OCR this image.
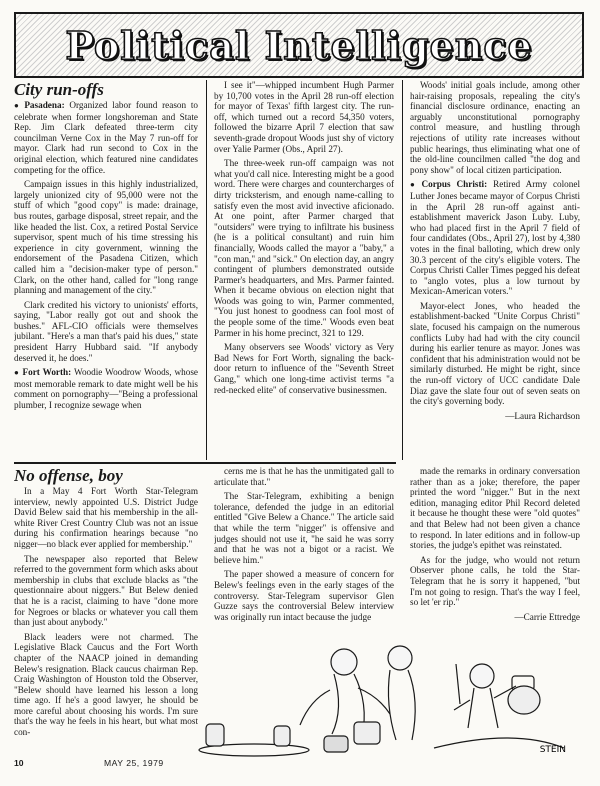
Political Intelligence
City run-offs

● Pasadena: Organized labor found reason to celebrate when former longshoreman and State Rep. Jim Clark defeated three-term city councilman Verne Cox in the May 7 run-off for mayor. Clark had run second to Cox in the original election, which featured nine candidates competing for the office.

Campaign issues in this highly industrialized, largely unionized city of 95,000 were not the stuff of which "good copy" is made: drainage, bus routes, garbage disposal, street repair, and the like headed the list. Cox, a retired Postal Service supervisor, spent much of his time stressing his experience in city government, winning the endorsement of the Pasadena Citizen, which called him a "decision-maker type of person." Clark, on the other hand, called for "long range planning and management of the city."

Clark credited his victory to unionists' efforts, saying, "Labor really got out and shook the bushes." AFL-CIO officials were themselves jubilant. "Here's a man that's paid his dues," state president Harry Hubbard said. "If anybody deserved it, he does."

● Fort Worth: Woodie Woodrow Woods, whose most memorable remark to date might well be his comment on pornography—"Being a professional plumber, I recognize sewage when

I see it"—whipped incumbent Hugh Parmer by 10,700 votes in the April 28 run-off election for mayor of Texas' fifth largest city. The run-off, which turned out a record 54,350 voters, followed the bizarre April 7 election that saw seventh-grade dropout Woods just shy of victory over Yalie Parmer (Obs., April 27).

The three-week run-off campaign was not what you'd call nice. Interesting might be a good word. There were charges and countercharges of dirty tricksterism, and enough name-calling to satisfy even the most avid invective aficionado. At one point, after Parmer charged that "outsiders" were trying to infiltrate his business (he is a political consultant) and ruin him financially, Woods called the mayor a "baby," a "con man," and "sick." On election day, an angry contingent of plumbers demonstrated outside Parmer's headquarters, and Mrs. Parmer fainted. When it became obvious on election night that Woods was going to win, Parmer commented, "You just honest to goodness can fool most of the people some of the time." Woods even beat Parmer in his home precinct, 321 to 129.

Many observers see Woods' victory as Very Bad News for Fort Worth, signaling the back-door return to influence of the "Seventh Street Gang," which one long-time activist terms "a red-necked elite" of conservative businessmen.

Woods' initial goals include, among other hair-raising proposals, repealing the city's financial disclosure ordinance, enacting an arguably unconstitutional pornography control measure, and hustling through rejections of utility rate increases without public hearings, thus eliminating what one of the old-line councilmen called "the dog and pony show" of local citizen participation.

● Corpus Christi: Retired Army colonel Luther Jones became mayor of Corpus Christi in the April 28 run-off against anti-establishment maverick Jason Luby. Luby, who had placed first in the April 7 field of four candidates (Obs., April 27), lost by 4,380 votes in the final balloting, which drew only 30.3 percent of the city's eligible voters. The Corpus Christi Caller Times pegged his defeat to "anglo votes, plus a low turnout by Mexican-American voters."

Mayor-elect Jones, who headed the establishment-backed "Unite Corpus Christi" slate, focused his campaign on the numerous conflicts Luby had had with the city council during his earlier tenure as mayor. Jones was confident that his administration would not be similarly disturbed. He might be right, since the run-off victory of UCC candidate Dale Diaz gave the slate four out of seven seats on the city's governing body.

—Laura Richardson

No offense, boy

In a May 4 Fort Worth Star-Telegram interview, newly appointed U.S. District Judge David Belew said that his membership in the all-white River Crest Country Club was not an issue during his confirmation hearings because "no nigger—no black ever applied for membership."

The newspaper also reported that Belew referred to the government form which asks about membership in clubs that exclude blacks as "the questionnaire about niggers." But Belew denied that he is a racist, claiming to have "done more for Negroes or blacks or whatever you call them than just about anybody."

Black leaders were not charmed. The Legislative Black Caucus and the Fort Worth chapter of the NAACP joined in demanding Belew's resignation. Black caucus chairman Rep. Craig Washington of Houston told the Observer, "Belew should have learned his lesson a long time ago. If he's a good lawyer, he should be more careful about choosing his words. I'm sure that's the way he feels in his heart, but what most con-

cerns me is that he has the unmitigated gall to articulate that."

The Star-Telegram, exhibiting a benign tolerance, defended the judge in an editorial entitled "Give Belew a Chance." The article said that while the term "nigger" is offensive and judges should not use it, "he said he was sorry and that he was not a bigot or a racist. We believe him."

The paper showed a measure of concern for Belew's feelings even in the early stages of the controversy. Star-Telegram supervisor Glen Guzze says the controversial Belew interview was originally run intact because the judge

made the remarks in ordinary conversation rather than as a joke; therefore, the paper printed the word "nigger." But in the next edition, managing editor Phil Record deleted it because he thought these were "old quotes" and that Belew had not been given a chance to respond. In later editions and in follow-up stories, the judge's epithet was reinstated.

As for the judge, who would not return Observer phone calls, he told the Star-Telegram that he is sorry it happened, "but I'm not going to resign. That's the way I feel, so let 'er rip."

—Carrie Ettredge

STEIN
10	MAY 25, 1979
